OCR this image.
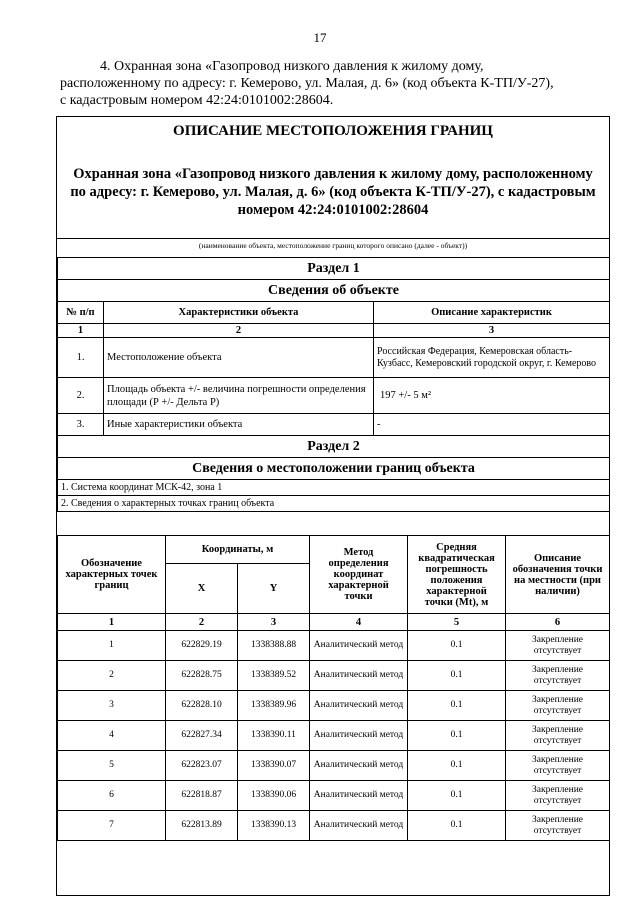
17
4. Охранная зона «Газопровод низкого давления к жилому дому,
расположенному по адресу: г. Кемерово, ул. Малая, д. 6» (код объекта К-ТП/У-27),
с кадастровым номером 42:24:0101002:28604.
ОПИСАНИЕ МЕСТОПОЛОЖЕНИЯ ГРАНИЦ
Охранная зона «Газопровод низкого давления к жилому дому, расположенному
по адресу: г. Кемерово, ул. Малая, д. 6» (код объекта К-ТП/У-27), с кадастровым
номером 42:24:0101002:28604
(наименование объекта, местоположение границ которого описано (далее - объект))
Раздел 1		
Сведения об объекте		
№ п/п	Характеристики объекта	Описание характеристик
1	2	3
1.	Местоположение объекта	Российская Федерация, Кемеровская область-Кузбасс, Кемеровский городской округ, г. Кемерово
2.	Площадь объекта +/- величина погрешности определения площади (Р +/- Дельта Р)	197 +/- 5 м²
3.	Иные характеристики объекта	-
Раздел 2		
Сведения о местоположении границ объекта		
1. Система координат МСК-42, зона 1		
2. Сведения о характерных точках границ объекта		
Обозначение характерных точек границ	Координаты, м		Метод определения координат характерной точки	Средняя квадратическая погрешность положения характерной точки (Mt), м	Описание обозначения точки на местности (при наличии)
	X	Y			
1	2	3	4	5	6
1	622829.19	1338388.88	Аналитический метод	0.1	Закрепление отсутствует
2	622828.75	1338389.52	Аналитический метод	0.1	Закрепление отсутствует
3	622828.10	1338389.96	Аналитический метод	0.1	Закрепление отсутствует
4	622827.34	1338390.11	Аналитический метод	0.1	Закрепление отсутствует
5	622823.07	1338390.07	Аналитический метод	0.1	Закрепление отсутствует
6	622818.87	1338390.06	Аналитический метод	0.1	Закрепление отсутствует
7	622813.89	1338390.13	Аналитический метод	0.1	Закрепление отсутствует
